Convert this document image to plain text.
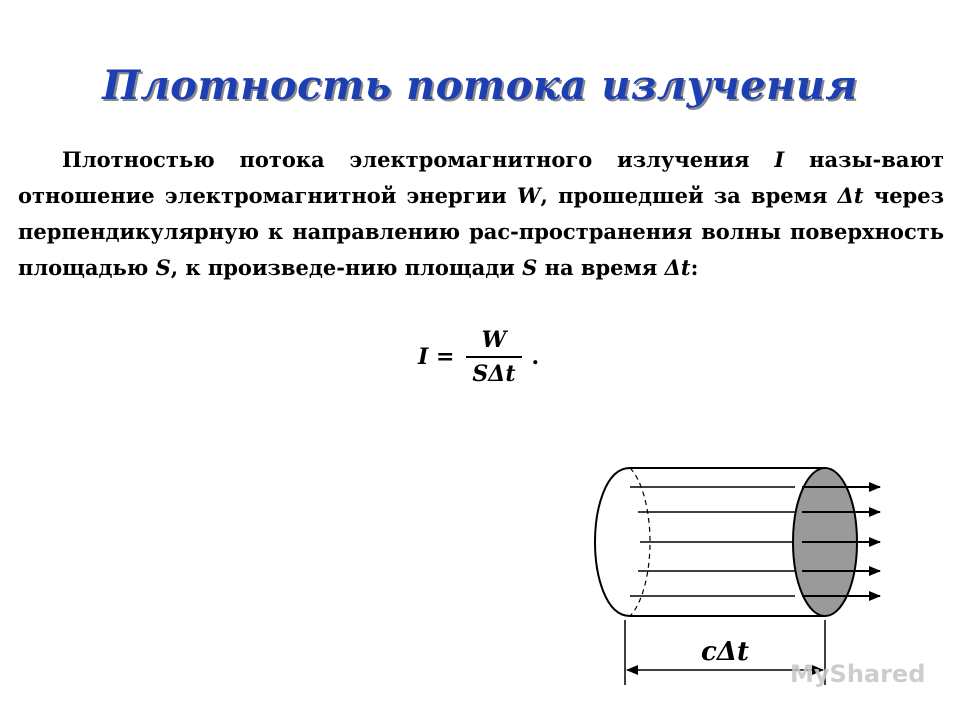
Плотность потока излучения
Плотностью потока электромагнитного излучения I назы-вают отношение электромагнитной энергии W, прошедшей за время Δt через перпендикулярную к направлению рас-пространения волны поверхность площадью S, к произведе-нию площади S на время Δt:
$I = \frac{W}{\text{SΔt}}$ .
cΔt
MyShared
